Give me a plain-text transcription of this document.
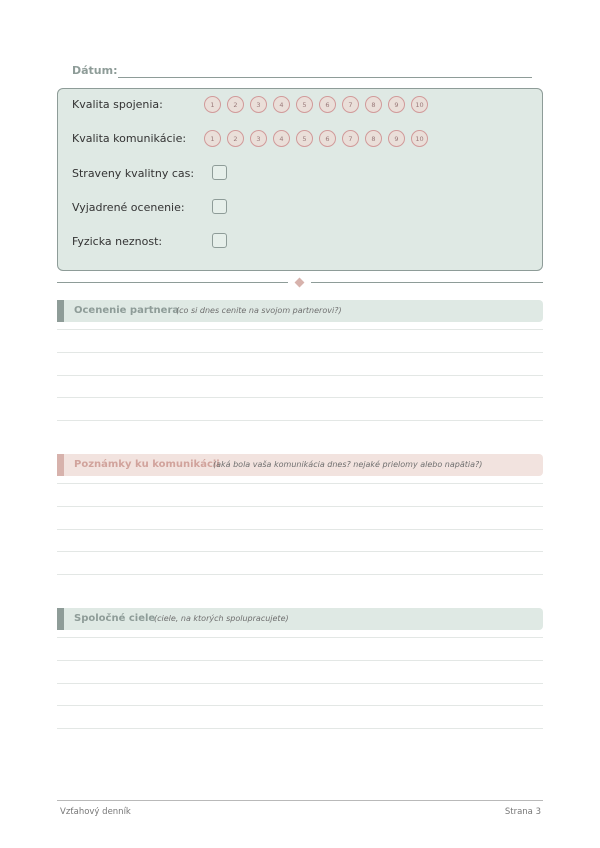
Dátum:
Kvalita spojenia:	1	2	3	4	5	6	7	8	9	10
Kvalita komunikácie:	1	2	3	4	5	6	7	8	9	10
Straveny kvalitny cas:
Vyjadrené ocenenie:
Fyzicka neznost:
Ocenenie partnera
(co si dnes cenite na svojom partnerovi?)
Poznámky ku komunikácii
(aká bola vaša komunikácia dnes? nejaké prielomy alebo napätia?)
Spoločné ciele
(ciele, na ktorých spolupracujete)
Vzťahový denník	Strana 3
